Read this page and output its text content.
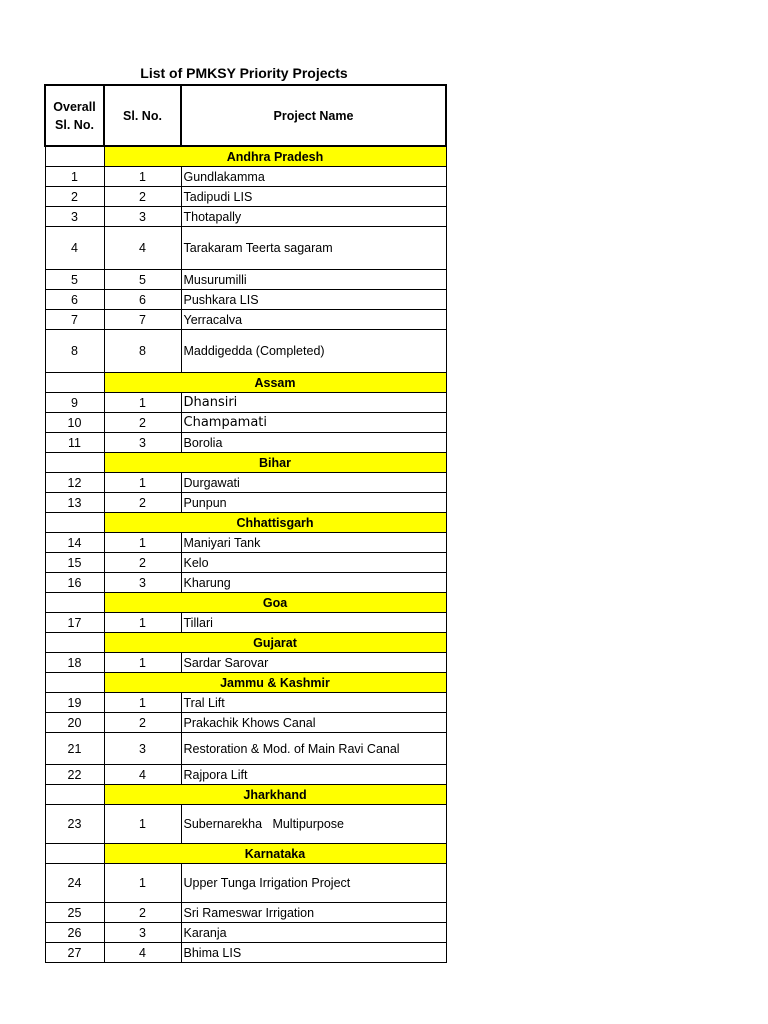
List of PMKSY Priority Projects
Overall Sl. No.	Sl. No.	Project Name
	Andhra Pradesh	
1	1	Gundlakamma
2	2	Tadipudi LIS
3	3	Thotapally
4	4	Tarakaram Teerta sagaram
5	5	Musurumilli
6	6	Pushkara LIS
7	7	Yerracalva
8	8	Maddigedda (Completed)
	Assam	
9	1	Dhansiri
10	2	Champamati
11	3	Borolia
	Bihar	
12	1	Durgawati
13	2	Punpun
	Chhattisgarh	
14	1	Maniyari Tank
15	2	Kelo
16	3	Kharung
	Goa	
17	1	Tillari
	Gujarat	
18	1	Sardar Sarovar
	Jammu & Kashmir	
19	1	Tral Lift
20	2	Prakachik Khows Canal
21	3	Restoration & Mod. of Main Ravi Canal
22	4	Rajpora Lift
	Jharkhand	
23	1	Subernarekha   Multipurpose
	Karnataka	
24	1	Upper Tunga Irrigation Project
25	2	Sri Rameswar Irrigation
26	3	Karanja
27	4	Bhima LIS
